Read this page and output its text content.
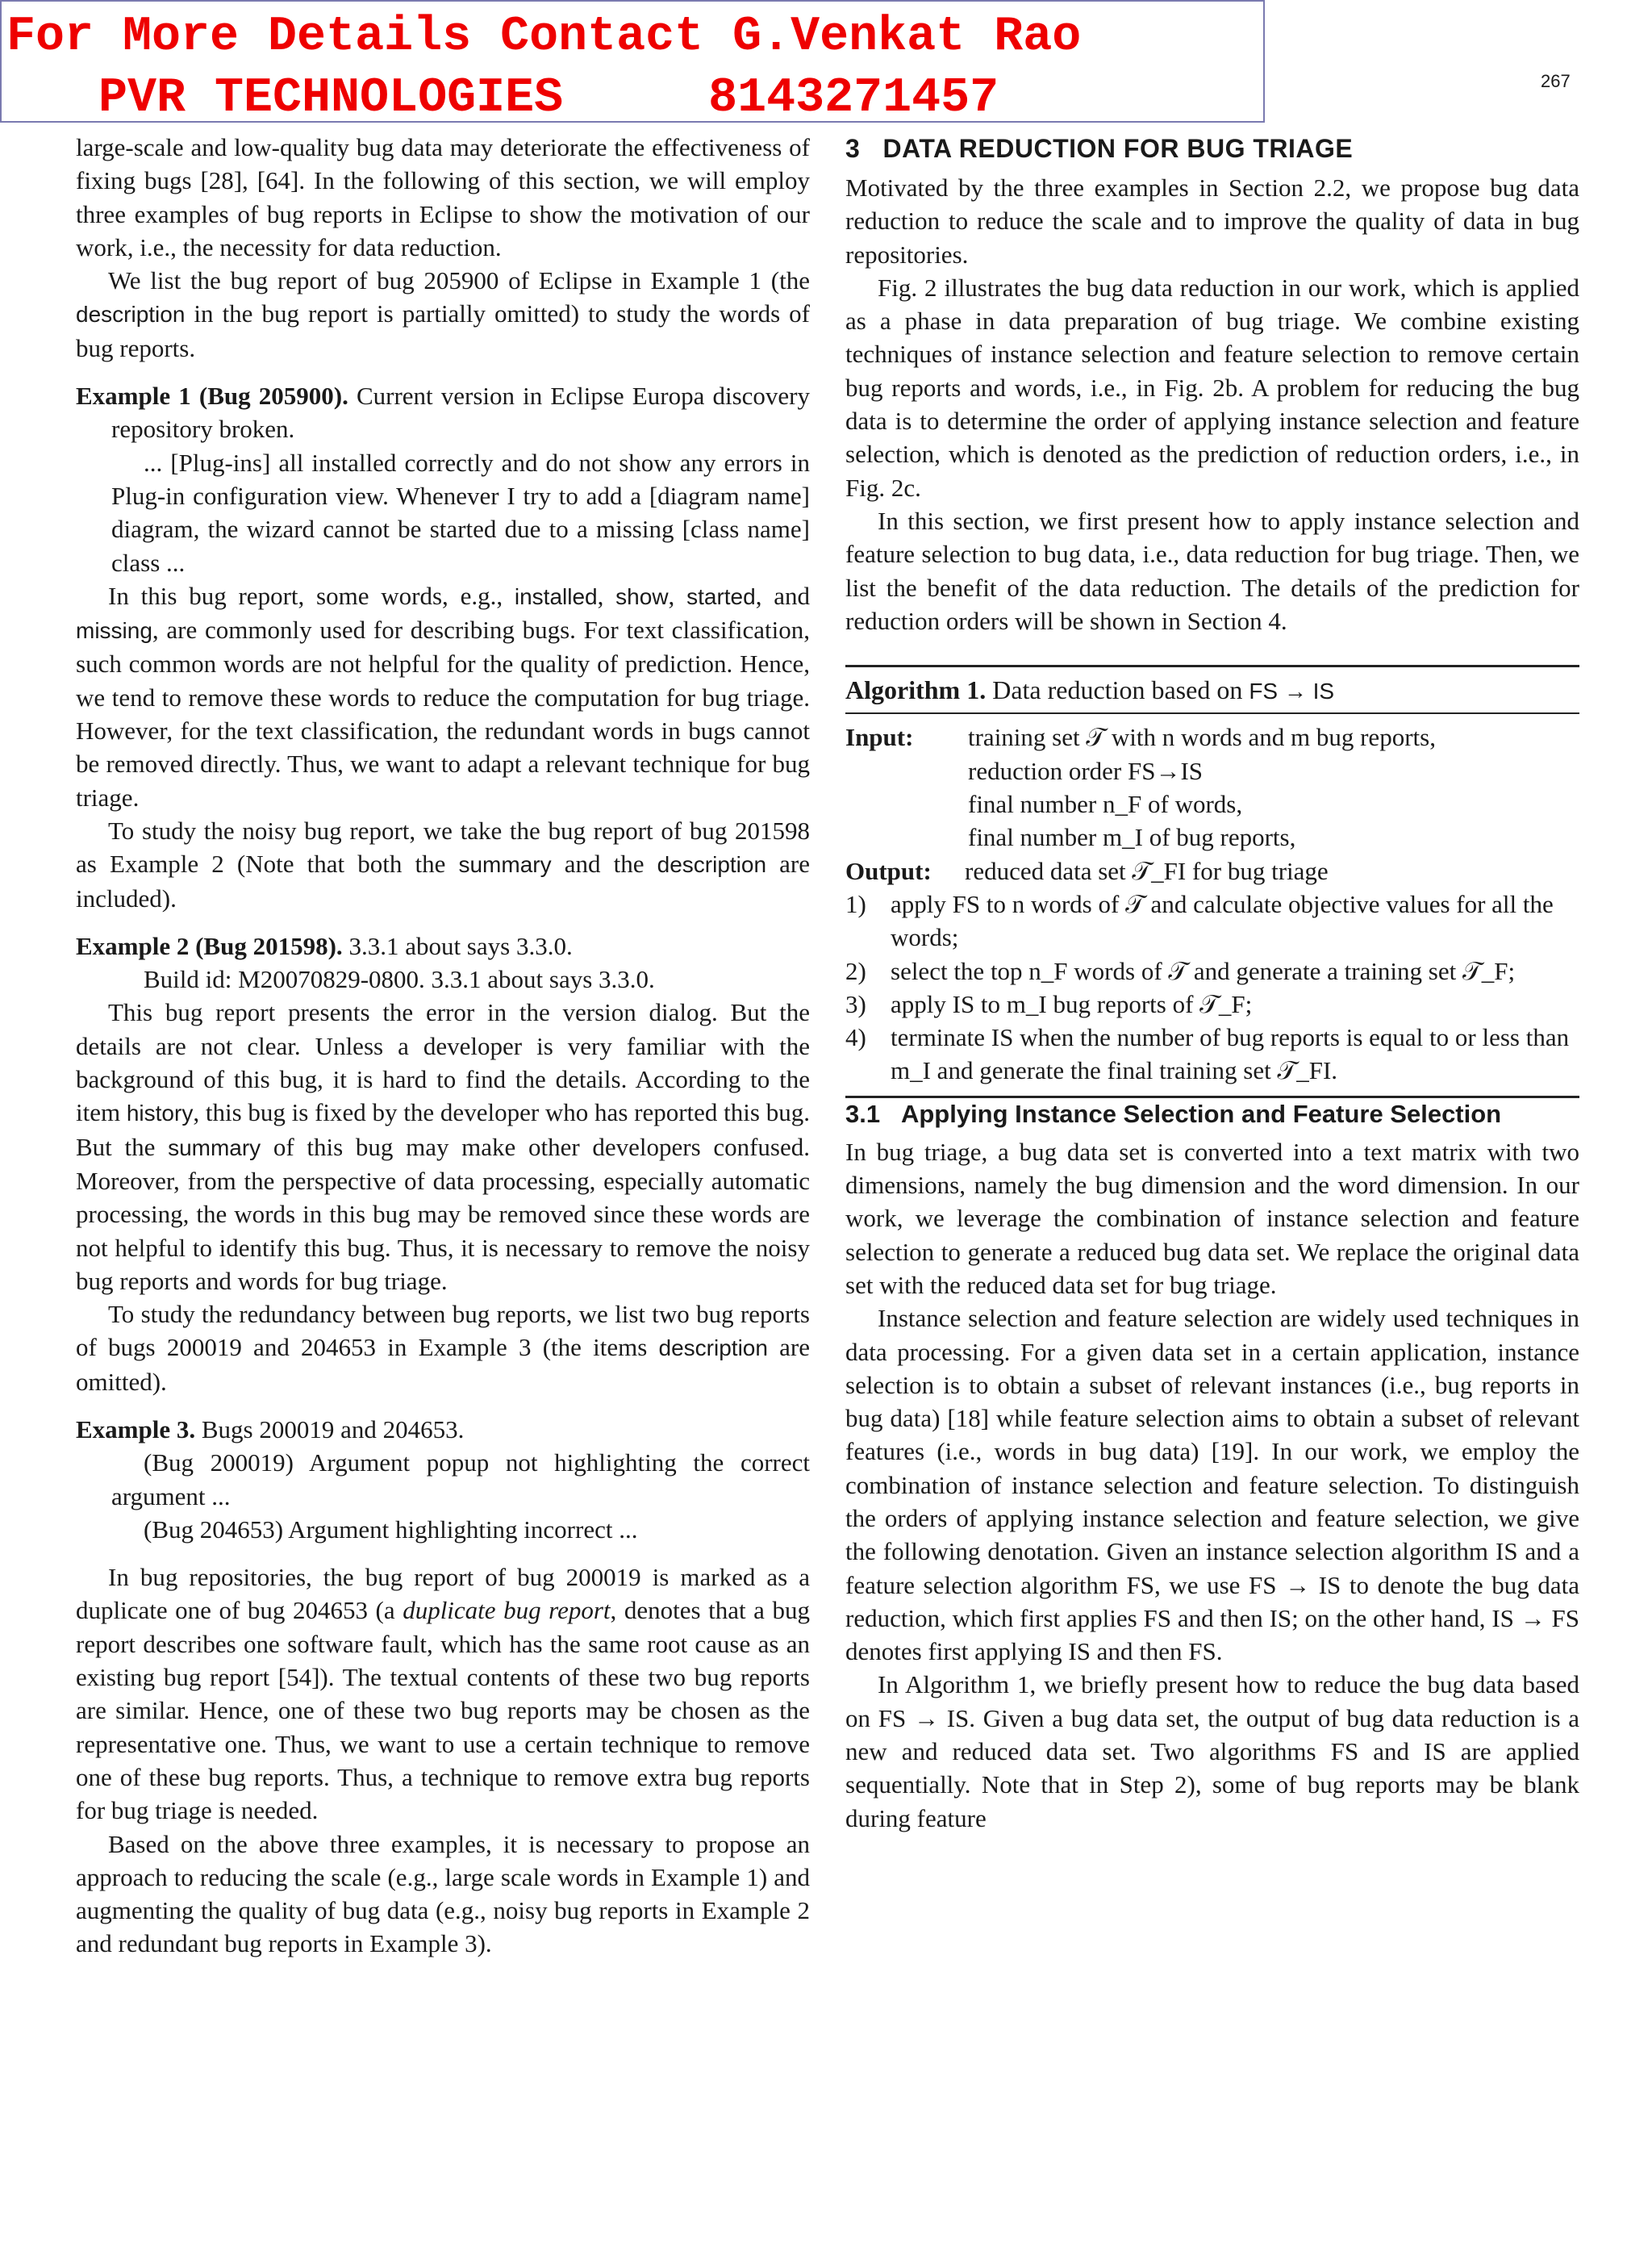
For More Details Contact G.Venkat Rao
PVR TECHNOLOGIES     8143271457	267

large-scale and low-quality bug data may deteriorate the effectiveness of fixing bugs [28], [64]. In the following of this section, we will employ three examples of bug reports in Eclipse to show the motivation of our work, i.e., the necessity for data reduction.

We list the bug report of bug 205900 of Eclipse in Example 1 (the description in the bug report is partially omitted) to study the words of bug reports.

Example 1 (Bug 205900). Current version in Eclipse Europa discovery repository broken.

... [Plug-ins] all installed correctly and do not show any errors in Plug-in configuration view. Whenever I try to add a [diagram name] diagram, the wizard cannot be started due to a missing [class name] class ...

In this bug report, some words, e.g., installed, show, started, and missing, are commonly used for describing bugs. For text classification, such common words are not helpful for the quality of prediction. Hence, we tend to remove these words to reduce the computation for bug triage. However, for the text classification, the redundant words in bugs cannot be removed directly. Thus, we want to adapt a relevant technique for bug triage.

To study the noisy bug report, we take the bug report of bug 201598 as Example 2 (Note that both the summary and the description are included).

Example 2 (Bug 201598). 3.3.1 about says 3.3.0.

Build id: M20070829-0800. 3.3.1 about says 3.3.0.

This bug report presents the error in the version dialog. But the details are not clear. Unless a developer is very familiar with the background of this bug, it is hard to find the details. According to the item history, this bug is fixed by the developer who has reported this bug. But the summary of this bug may make other developers confused. Moreover, from the perspective of data processing, especially automatic processing, the words in this bug may be removed since these words are not helpful to identify this bug. Thus, it is necessary to remove the noisy bug reports and words for bug triage.

To study the redundancy between bug reports, we list two bug reports of bugs 200019 and 204653 in Example 3 (the items description are omitted).

Example 3. Bugs 200019 and 204653.

(Bug 200019) Argument popup not highlighting the correct argument ...

(Bug 204653) Argument highlighting incorrect ...

In bug repositories, the bug report of bug 200019 is marked as a duplicate one of bug 204653 (a duplicate bug report, denotes that a bug report describes one software fault, which has the same root cause as an existing bug report [54]). The textual contents of these two bug reports are similar. Hence, one of these two bug reports may be chosen as the representative one. Thus, we want to use a certain technique to remove one of these bug reports. Thus, a technique to remove extra bug reports for bug triage is needed.

Based on the above three examples, it is necessary to propose an approach to reducing the scale (e.g., large scale words in Example 1) and augmenting the quality of bug data (e.g., noisy bug reports in Example 2 and redundant bug reports in Example 3).

3 DATA REDUCTION FOR BUG TRIAGE

Motivated by the three examples in Section 2.2, we propose bug data reduction to reduce the scale and to improve the quality of data in bug repositories.

Fig. 2 illustrates the bug data reduction in our work, which is applied as a phase in data preparation of bug triage. We combine existing techniques of instance selection and feature selection to remove certain bug reports and words, i.e., in Fig. 2b. A problem for reducing the bug data is to determine the order of applying instance selection and feature selection, which is denoted as the prediction of reduction orders, i.e., in Fig. 2c.

In this section, we first present how to apply instance selection and feature selection to bug data, i.e., data reduction for bug triage. Then, we list the benefit of the data reduction. The details of the prediction for reduction orders will be shown in Section 4.

Algorithm 1. Data reduction based on FS → IS
Input:	training set 𝒯 with n words and m bug reports,
reduction order FS→IS
final number n_F of words,
final number m_I of bug reports,
Output:	reduced data set 𝒯_FI for bug triage
1) apply FS to n words of 𝒯 and calculate objective values for all the words;
2) select the top n_F words of 𝒯 and generate a training set 𝒯_F;
3) apply IS to m_I bug reports of 𝒯_F;
4) terminate IS when the number of bug reports is equal to or less than m_I and generate the final training set 𝒯_FI.
3.1 Applying Instance Selection and Feature Selection

In bug triage, a bug data set is converted into a text matrix with two dimensions, namely the bug dimension and the word dimension. In our work, we leverage the combination of instance selection and feature selection to generate a reduced bug data set. We replace the original data set with the reduced data set for bug triage.

Instance selection and feature selection are widely used techniques in data processing. For a given data set in a certain application, instance selection is to obtain a subset of relevant instances (i.e., bug reports in bug data) [18] while feature selection aims to obtain a subset of relevant features (i.e., words in bug data) [19]. In our work, we employ the combination of instance selection and feature selection. To distinguish the orders of applying instance selection and feature selection, we give the following denotation. Given an instance selection algorithm IS and a feature selection algorithm FS, we use FS → IS to denote the bug data reduction, which first applies FS and then IS; on the other hand, IS → FS denotes first applying IS and then FS.

In Algorithm 1, we briefly present how to reduce the bug data based on FS → IS. Given a bug data set, the output of bug data reduction is a new and reduced data set. Two algorithms FS and IS are applied sequentially. Note that in Step 2), some of bug reports may be blank during feature
